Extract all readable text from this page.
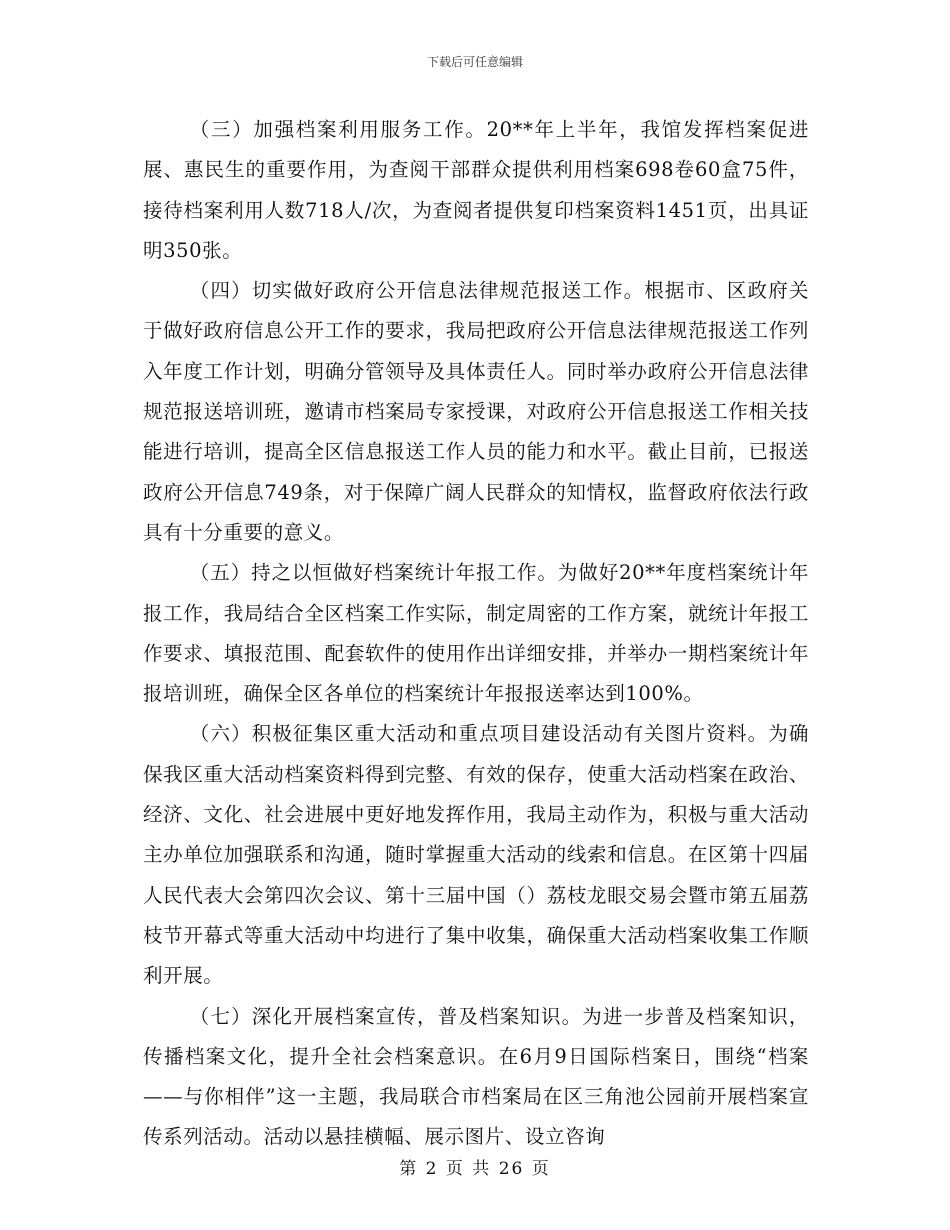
下载后可任意编辑

（三）加强档案利用服务工作。20**年上半年，我馆发挥档案促进展、惠民生的重要作用，为查阅干部群众提供利用档案698卷60盒75件，接待档案利用人数718人/次，为查阅者提供复印档案资料1451页，出具证明350张。

（四）切实做好政府公开信息法律规范报送工作。根据市、区政府关于做好政府信息公开工作的要求，我局把政府公开信息法律规范报送工作列入年度工作计划，明确分管领导及具体责任人。同时举办政府公开信息法律规范报送培训班，邀请市档案局专家授课，对政府公开信息报送工作相关技能进行培训，提高全区信息报送工作人员的能力和水平。截止目前，已报送政府公开信息749条，对于保障广阔人民群众的知情权，监督政府依法行政具有十分重要的意义。

（五）持之以恒做好档案统计年报工作。为做好20**年度档案统计年报工作，我局结合全区档案工作实际，制定周密的工作方案，就统计年报工作要求、填报范围、配套软件的使用作出详细安排，并举办一期档案统计年报培训班，确保全区各单位的档案统计年报报送率达到100%。

（六）积极征集区重大活动和重点项目建设活动有关图片资料。为确保我区重大活动档案资料得到完整、有效的保存，使重大活动档案在政治、经济、文化、社会进展中更好地发挥作用，我局主动作为，积极与重大活动主办单位加强联系和沟通，随时掌握重大活动的线索和信息。在区第十四届人民代表大会第四次会议、第十三届中国（）荔枝龙眼交易会暨市第五届荔枝节开幕式等重大活动中均进行了集中收集，确保重大活动档案收集工作顺利开展。

（七）深化开展档案宣传，普及档案知识。为进一步普及档案知识，传播档案文化，提升全社会档案意识。在6月9日国际档案日，围绕“档案——与你相伴”这一主题，我局联合市档案局在区三角池公园前开展档案宣传系列活动。活动以悬挂横幅、展示图片、设立咨询

第 2 页 共 26 页
